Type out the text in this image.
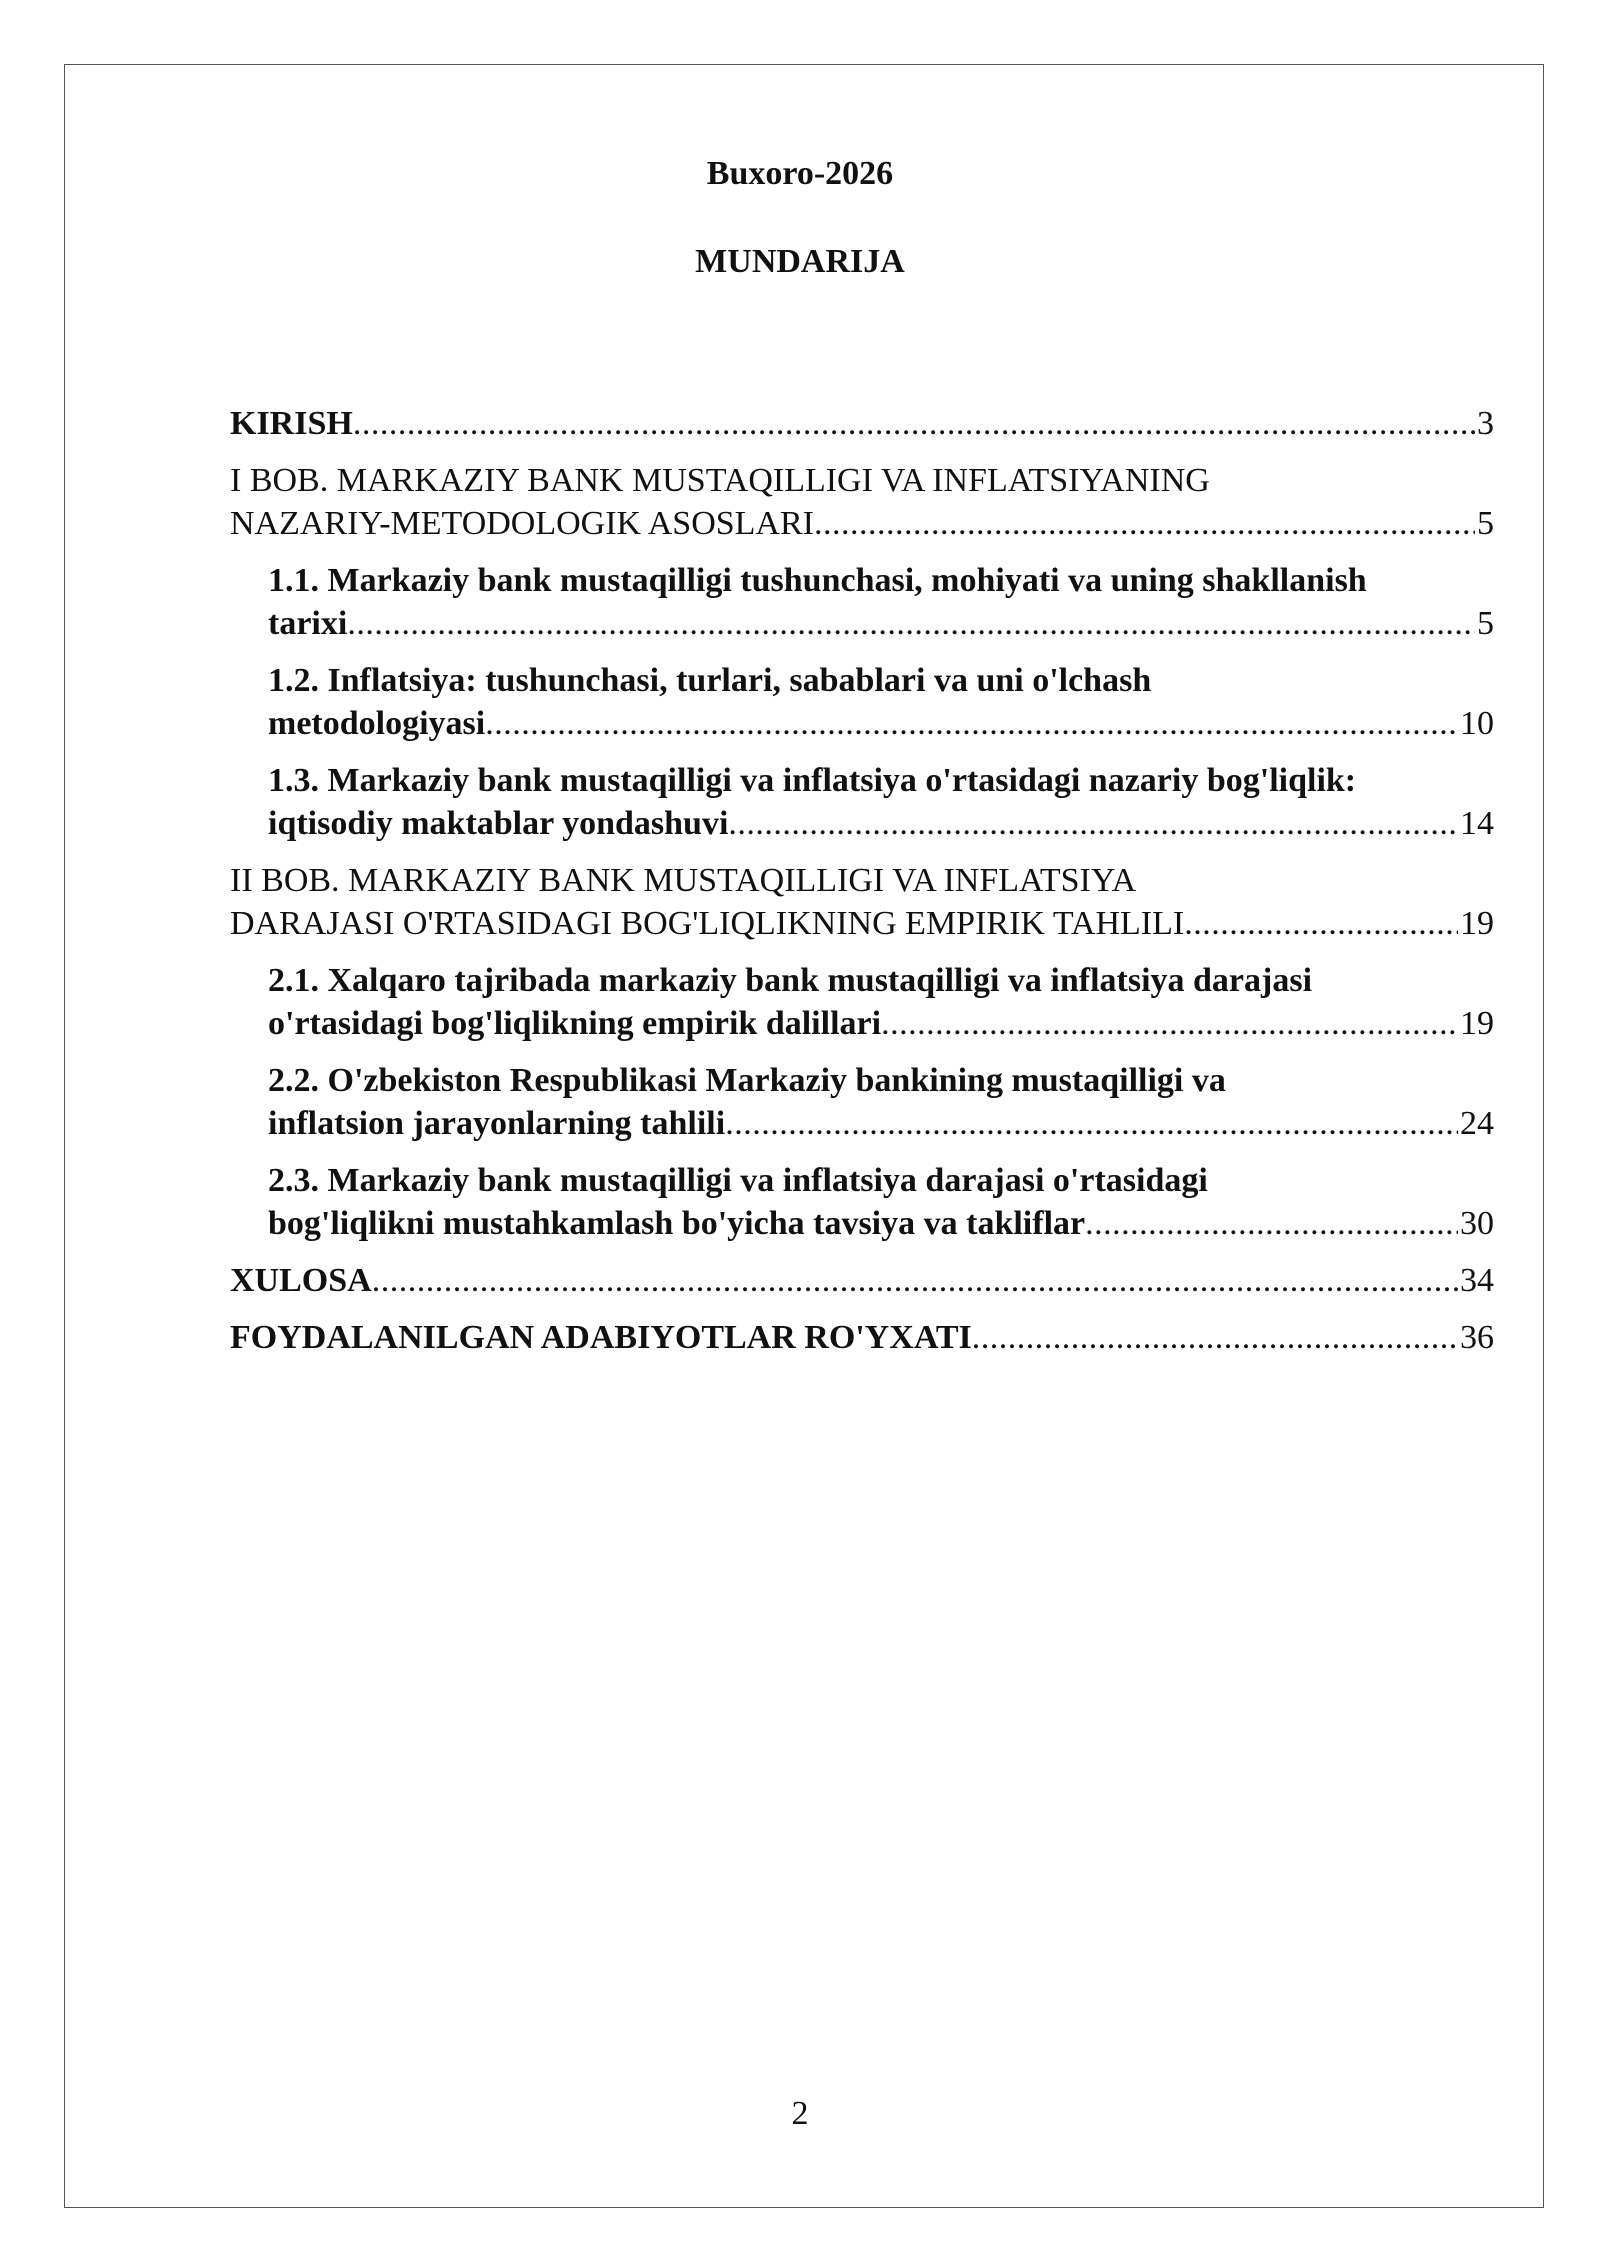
Buxoro-2026
MUNDARIJA
KIRISH .....	3
I BOB. MARKAZIY BANK MUSTAQILLIGI VA INFLATSIYANING
NAZARIY-METODOLOGIK ASOSLARI .....	5
1.1. Markaziy bank mustaqilligi tushunchasi, mohiyati va uning shakllanish
tarixi .....	5
1.2. Inflatsiya: tushunchasi, turlari, sabablari va uni o'lchash
metodologiyasi .....	10
1.3. Markaziy bank mustaqilligi va inflatsiya o'rtasidagi nazariy bog'liqlik:
iqtisodiy maktablar yondashuvi .....	14
II BOB. MARKAZIY BANK MUSTAQILLIGI VA INFLATSIYA
DARAJASI O'RTASIDAGI BOG'LIQLIKNING EMPIRIK TAHLILI .....	19
2.1. Xalqaro tajribada markaziy bank mustaqilligi va inflatsiya darajasi
o'rtasidagi bog'liqlikning empirik dalillari .....	19
2.2. O'zbekiston Respublikasi Markaziy bankining mustaqilligi va
inflatsion jarayonlarning tahlili .....	24
2.3. Markaziy bank mustaqilligi va inflatsiya darajasi o'rtasidagi
bog'liqlikni mustahkamlash bo'yicha tavsiya va takliflar .....	30
XULOSA .....	34
FOYDALANILGAN ADABIYOTLAR RO'YXATI .....	36
2
